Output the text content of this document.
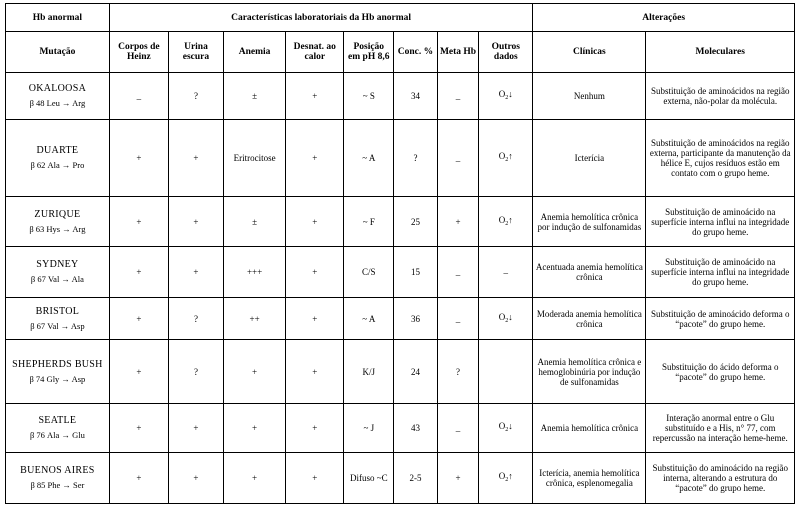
Hb anormal	Características laboratoriais da Hb anormal								Alterações	
Mutação	Corpos de Heinz	Urina escura	Anemia	Desnat. ao calor	Posição em pH 8,6	Conc. %	Meta Hb	Outros dados	Clínicas	Moleculares

OKALOOSA
β 48 Leu → Arg	_	?	±	+	~ S	34	_	$O_2↓$	Nenhum	Substituição de aminoácidos na região externa, não-polar da molécula.

DUARTE
β 62 Ala → Pro	+	+	Eritrocitose	+	~ A	?	_	$O_2↑$	Icterícia	Substituição de aminoácidos na região externa, participante da manutenção da hélice E, cujos resíduos estão em contato com o grupo heme.

ZURIQUE
β 63 Hys → Arg	+	+	±	+	~ F	25	+	$O_2↑$	Anemia hemolítica crônica por indução de sulfonamidas	Substituição de aminoácido na superfície interna influi na integridade do grupo heme.

SYDNEY
β 67 Val → Ala	+	+	+++	+	C/S	15	_	_	Acentuada anemia hemolítica crônica	Substituição de aminoácido na superfície interna influi na integridade do grupo heme.

BRISTOL
β 67 Val → Asp	+	?	++	+	~ A	36	_	$O_2↓$	Moderada anemia hemolítica crônica	Substituição de aminoácido deforma o “pacote” do grupo heme.

SHEPHERDS BUSH
β 74 Gly → Asp	+	?	+	+	K/J	24	?		Anemia hemolítica crônica e hemoglobinúria por indução de sulfonamidas	Substituição do ácido deforma o “pacote” do grupo heme.

SEATLE
β 76 Ala → Glu	+	+	+	+	~ J	43	_	$O_2↓$	Anemia hemolítica crônica	Interação anormal entre o Glu substituído e a His, n° 77, com repercussão na interação heme-heme.

BUENOS AIRES
β 85 Phe → Ser	+	+	+	+	Difuso ~C	2-5	+	$O_2↑$	Icterícia, anemia hemolítica crônica, esplenomegalia	Substituição do aminoácido na região interna, alterando a estrutura do “pacote” do grupo heme.
